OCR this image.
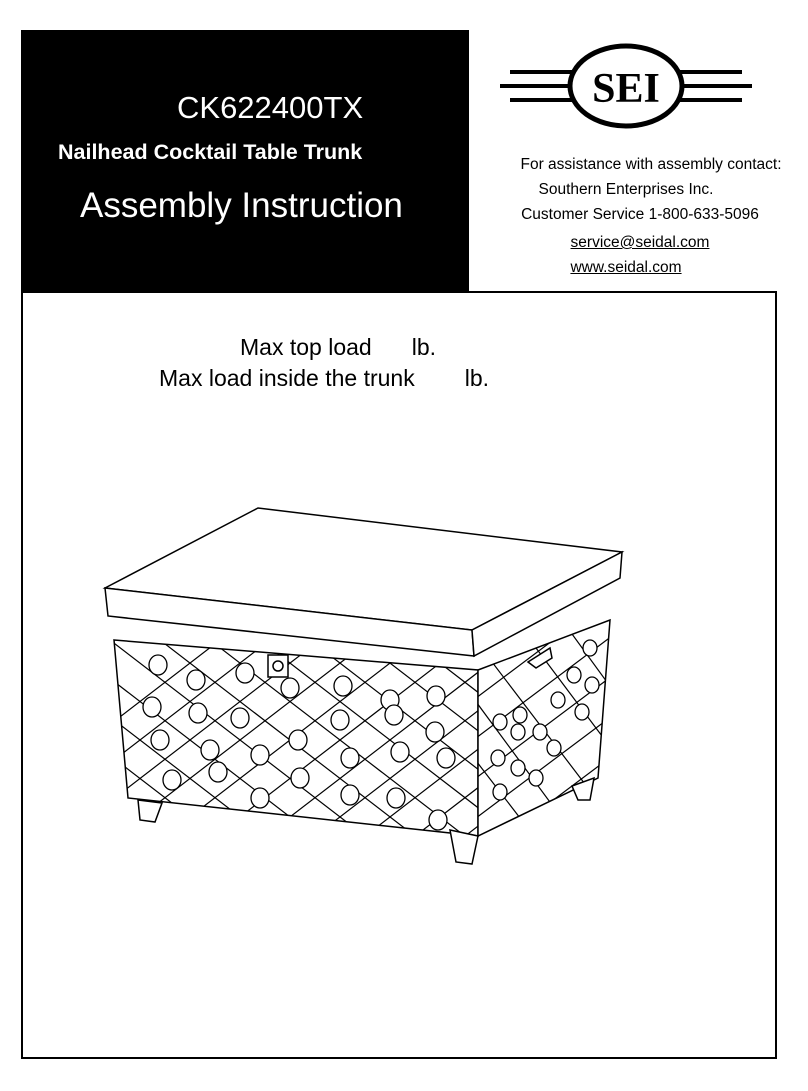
CK622400TX
Nailhead Cocktail Table Trunk
Assembly Instruction
SEI
For assistance with assembly contact:
Southern Enterprises Inc.
Customer Service 1-800-633-5096
service@seidal.com
www.seidal.com
Max top load lb.
Max load inside the trunk lb.
